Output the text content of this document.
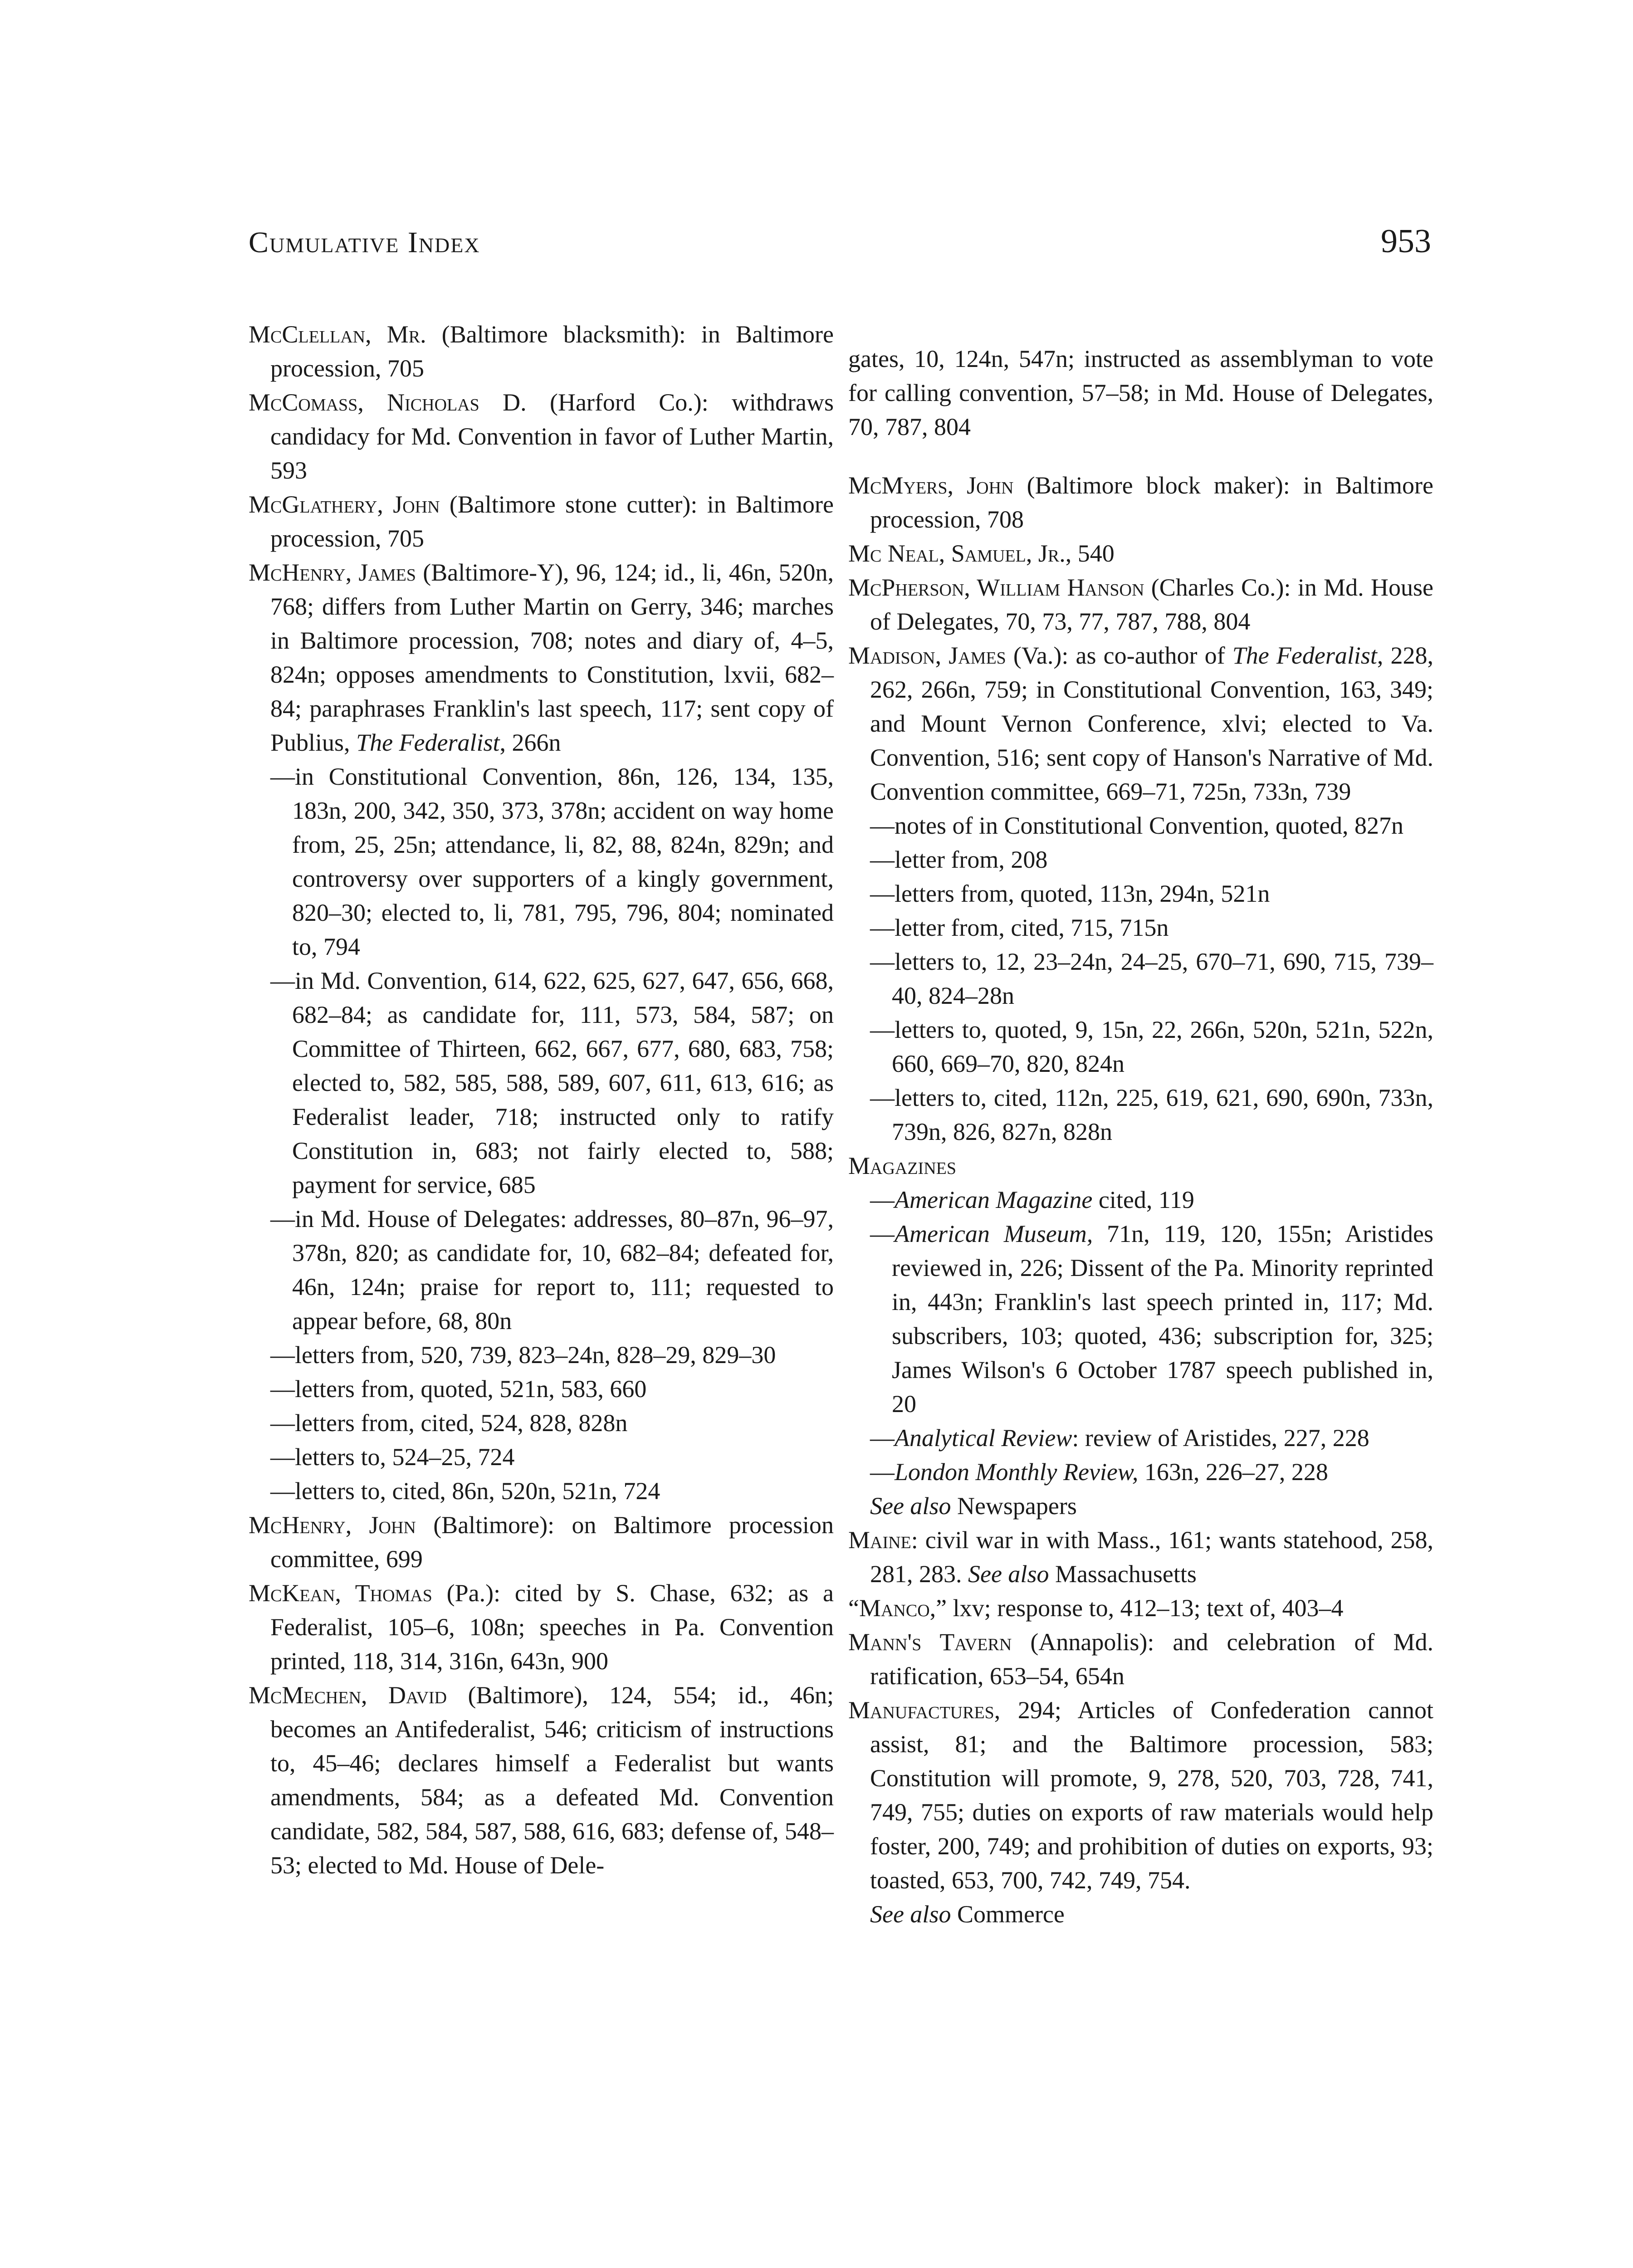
Cumulative Index	953

McClellan, Mr. (Baltimore blacksmith): in Baltimore procession, 705

McComass, Nicholas D. (Harford Co.): withdraws candidacy for Md. Convention in favor of Luther Martin, 593

McGlathery, John (Baltimore stone cutter): in Baltimore procession, 705

McHenry, James (Baltimore-Y), 96, 124; id., li, 46n, 520n, 768; differs from Luther Martin on Gerry, 346; marches in Baltimore procession, 708; notes and diary of, 4–5, 824n; opposes amendments to Constitution, lxvii, 682–84; paraphrases Franklin's last speech, 117; sent copy of Publius, The Federalist, 266n

—in Constitutional Convention, 86n, 126, 134, 135, 183n, 200, 342, 350, 373, 378n; accident on way home from, 25, 25n; attendance, li, 82, 88, 824n, 829n; and controversy over supporters of a kingly government, 820–30; elected to, li, 781, 795, 796, 804; nominated to, 794

—in Md. Convention, 614, 622, 625, 627, 647, 656, 668, 682–84; as candidate for, 111, 573, 584, 587; on Committee of Thirteen, 662, 667, 677, 680, 683, 758; elected to, 582, 585, 588, 589, 607, 611, 613, 616; as Federalist leader, 718; instructed only to ratify Constitution in, 683; not fairly elected to, 588; payment for service, 685

—in Md. House of Delegates: addresses, 80–87n, 96–97, 378n, 820; as candidate for, 10, 682–84; defeated for, 46n, 124n; praise for report to, 111; requested to appear before, 68, 80n

—letters from, 520, 739, 823–24n, 828–29, 829–30

—letters from, quoted, 521n, 583, 660

—letters from, cited, 524, 828, 828n

—letters to, 524–25, 724

—letters to, cited, 86n, 520n, 521n, 724

McHenry, John (Baltimore): on Baltimore procession committee, 699

McKean, Thomas (Pa.): cited by S. Chase, 632; as a Federalist, 105–6, 108n; speeches in Pa. Convention printed, 118, 314, 316n, 643n, 900

McMechen, David (Baltimore), 124, 554; id., 46n; becomes an Antifederalist, 546; criticism of instructions to, 45–46; declares himself a Federalist but wants amendments, 584; as a defeated Md. Convention candidate, 582, 584, 587, 588, 616, 683; defense of, 548–53; elected to Md. House of Dele-

gates, 10, 124n, 547n; instructed as assemblyman to vote for calling convention, 57–58; in Md. House of Delegates, 70, 787, 804

McMyers, John (Baltimore block maker): in Baltimore procession, 708

Mc Neal, Samuel, Jr., 540

McPherson, William Hanson (Charles Co.): in Md. House of Delegates, 70, 73, 77, 787, 788, 804

Madison, James (Va.): as co-author of The Federalist, 228, 262, 266n, 759; in Constitutional Convention, 163, 349; and Mount Vernon Conference, xlvi; elected to Va. Convention, 516; sent copy of Hanson's Narrative of Md. Convention committee, 669–71, 725n, 733n, 739

—notes of in Constitutional Convention, quoted, 827n

—letter from, 208

—letters from, quoted, 113n, 294n, 521n

—letter from, cited, 715, 715n

—letters to, 12, 23–24n, 24–25, 670–71, 690, 715, 739–40, 824–28n

—letters to, quoted, 9, 15n, 22, 266n, 520n, 521n, 522n, 660, 669–70, 820, 824n

—letters to, cited, 112n, 225, 619, 621, 690, 690n, 733n, 739n, 826, 827n, 828n

Magazines

—American Magazine cited, 119

—American Museum, 71n, 119, 120, 155n; Aristides reviewed in, 226; Dissent of the Pa. Minority reprinted in, 443n; Franklin's last speech printed in, 117; Md. subscribers, 103; quoted, 436; subscription for, 325; James Wilson's 6 October 1787 speech published in, 20

—Analytical Review: review of Aristides, 227, 228

—London Monthly Review, 163n, 226–27, 228

See also Newspapers

Maine: civil war in with Mass., 161; wants statehood, 258, 281, 283. See also Massachusetts

“Manco,” lxv; response to, 412–13; text of, 403–4

Mann's Tavern (Annapolis): and celebration of Md. ratification, 653–54, 654n

Manufactures, 294; Articles of Confederation cannot assist, 81; and the Baltimore procession, 583; Constitution will promote, 9, 278, 520, 703, 728, 741, 749, 755; duties on exports of raw materials would help foster, 200, 749; and prohibition of duties on exports, 93; toasted, 653, 700, 742, 749, 754.

See also Commerce
